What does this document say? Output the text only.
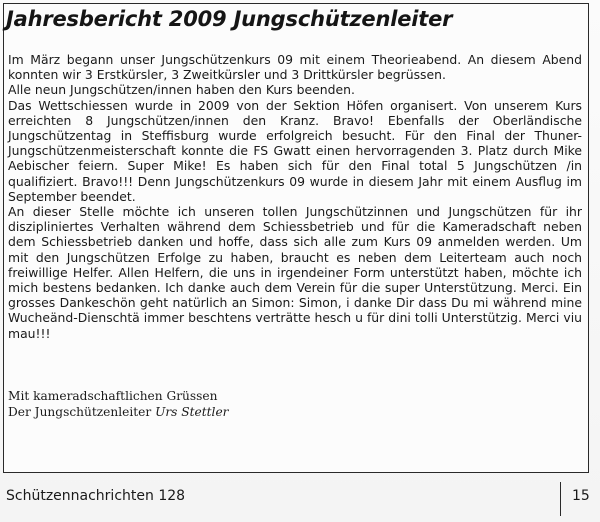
Jahresbericht 2009 Jungschützenleiter

Im März begann unser Jungschützenkurs 09 mit einem Theorieabend. An diesem Abend konnten wir 3 Erstkürsler, 3 Zweitkürsler und 3 Drittkürsler begrüssen.

Alle neun Jungschützen/innen haben den Kurs beenden.

Das Wettschiessen wurde in 2009 von der Sektion Höfen organisert. Von unserem Kurs erreichten 8 Jungschützen/innen den Kranz. Bravo! Ebenfalls der Oberländische Jungschützentag in Steffisburg wurde erfolgreich besucht. Für den Final der Thuner-Jungschützenmeisterschaft konnte die FS Gwatt einen hervorragenden 3. Platz durch Mike Aebischer feiern. Super Mike! Es haben sich für den Final total 5 Jungschützen /in qualifiziert. Bravo!!! Denn Jungschützenkurs 09 wurde in diesem Jahr mit einem Ausflug im September beendet.

An dieser Stelle möchte ich unseren tollen Jungschützinnen und Jungschützen für ihr diszipliniertes Verhalten während dem Schiessbetrieb und für die Kameradschaft neben dem Schiessbetrieb danken und hoffe, dass sich alle zum Kurs 09 anmelden werden. Um mit den Jungschützen Erfolge zu haben, braucht es neben dem Leiterteam auch noch freiwillige Helfer. Allen Helfern, die uns in irgendeiner Form unterstützt haben, möchte ich mich bestens bedanken. Ich danke auch dem Verein für die super Unterstützung. Merci. Ein grosses Dankeschön geht natürlich an Simon: Simon, i danke Dir dass Du mi während mine Wucheänd-Dienschtä immer beschtens verträtte hesch u für dini tolli Unterstützig. Merci viu mau!!!

Mit kameradschaftlichen Grüssen
Der Jungschützenleiter Urs Stettler
Schützennachrichten 128	15
